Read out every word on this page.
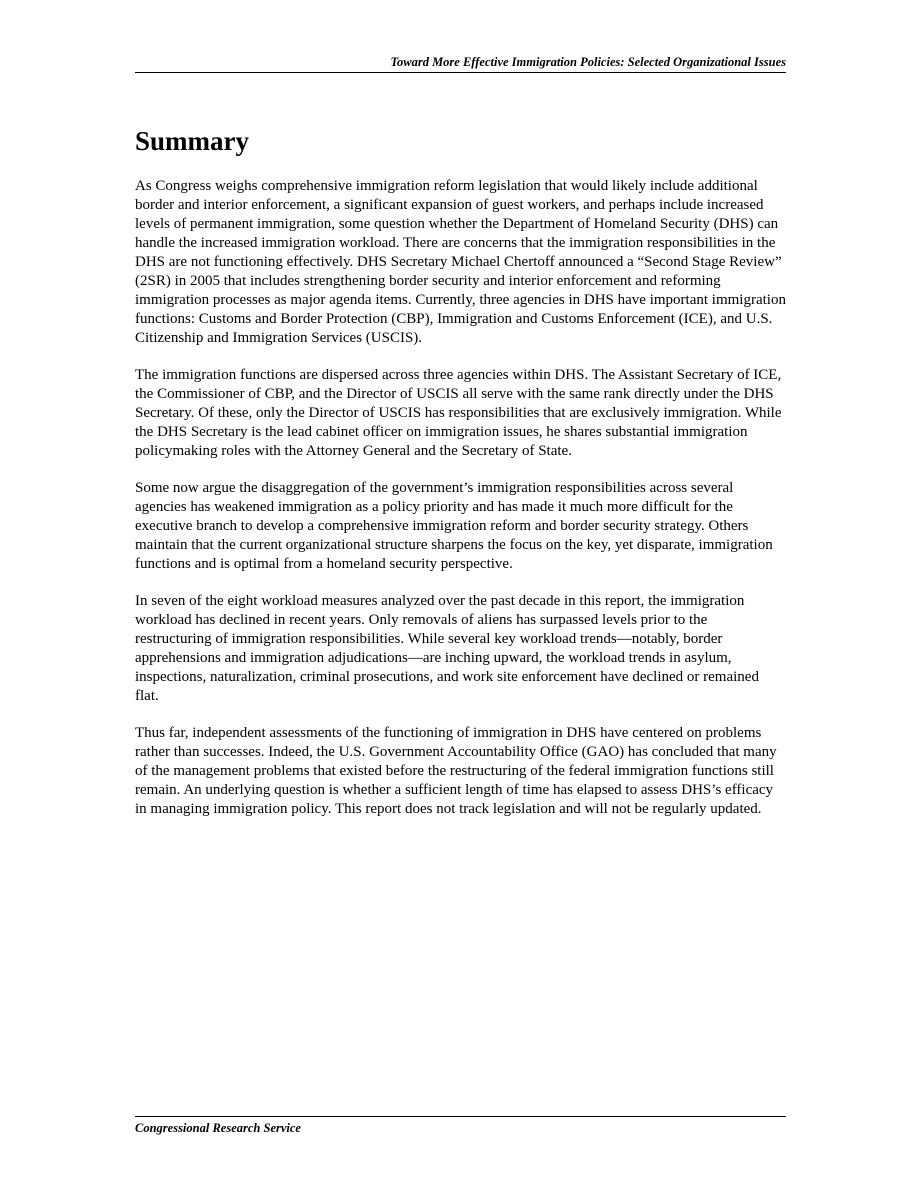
Toward More Effective Immigration Policies: Selected Organizational Issues
Summary

As Congress weighs comprehensive immigration reform legislation that would likely include additional border and interior enforcement, a significant expansion of guest workers, and perhaps include increased levels of permanent immigration, some question whether the Department of Homeland Security (DHS) can handle the increased immigration workload. There are concerns that the immigration responsibilities in the DHS are not functioning effectively. DHS Secretary Michael Chertoff announced a “Second Stage Review” (2SR) in 2005 that includes strengthening border security and interior enforcement and reforming immigration processes as major agenda items. Currently, three agencies in DHS have important immigration functions: Customs and Border Protection (CBP), Immigration and Customs Enforcement (ICE), and U.S. Citizenship and Immigration Services (USCIS).

The immigration functions are dispersed across three agencies within DHS. The Assistant Secretary of ICE, the Commissioner of CBP, and the Director of USCIS all serve with the same rank directly under the DHS Secretary. Of these, only the Director of USCIS has responsibilities that are exclusively immigration. While the DHS Secretary is the lead cabinet officer on immigration issues, he shares substantial immigration policymaking roles with the Attorney General and the Secretary of State.

Some now argue the disaggregation of the government’s immigration responsibilities across several agencies has weakened immigration as a policy priority and has made it much more difficult for the executive branch to develop a comprehensive immigration reform and border security strategy. Others maintain that the current organizational structure sharpens the focus on the key, yet disparate, immigration functions and is optimal from a homeland security perspective.

In seven of the eight workload measures analyzed over the past decade in this report, the immigration workload has declined in recent years. Only removals of aliens has surpassed levels prior to the restructuring of immigration responsibilities. While several key workload trends—notably, border apprehensions and immigration adjudications—are inching upward, the workload trends in asylum, inspections, naturalization, criminal prosecutions, and work site enforcement have declined or remained flat.

Thus far, independent assessments of the functioning of immigration in DHS have centered on problems rather than successes. Indeed, the U.S. Government Accountability Office (GAO) has concluded that many of the management problems that existed before the restructuring of the federal immigration functions still remain. An underlying question is whether a sufficient length of time has elapsed to assess DHS’s efficacy in managing immigration policy. This report does not track legislation and will not be regularly updated.

Congressional Research Service
